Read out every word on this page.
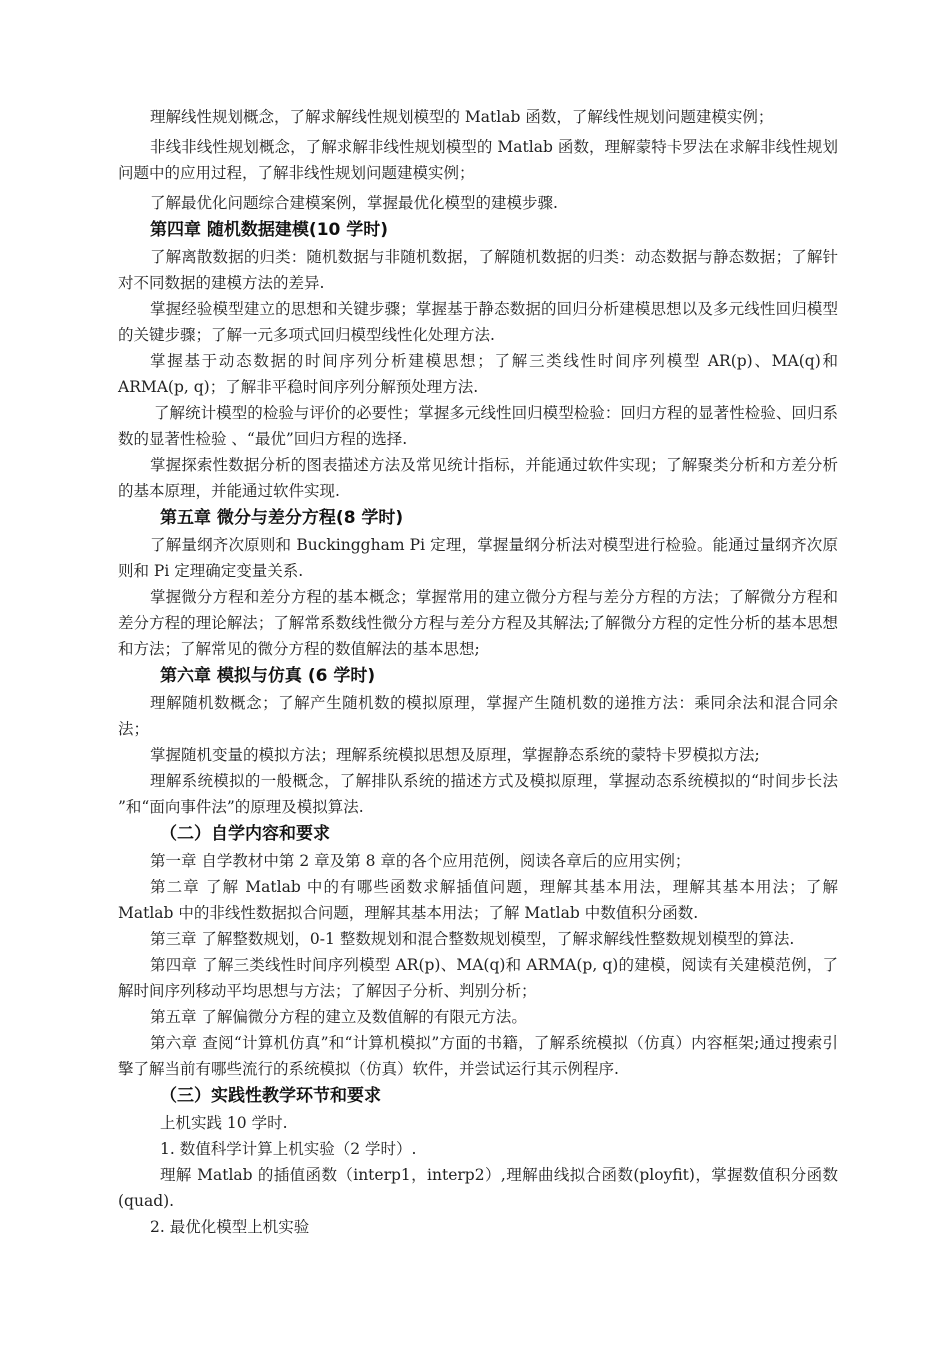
理解线性规划概念，了解求解线性规划模型的 Matlab 函数，了解线性规划问题建模实例；

非线非线性规划概念，了解求解非线性规划模型的 Matlab 函数，理解蒙特卡罗法在求解非线性规划问题中的应用过程，了解非线性规划问题建模实例；

了解最优化问题综合建模案例，掌握最优化模型的建模步骤.

第四章 随机数据建模(10 学时)

了解离散数据的归类：随机数据与非随机数据，了解随机数据的归类：动态数据与静态数据；了解针对不同数据的建模方法的差异.

掌握经验模型建立的思想和关键步骤；掌握基于静态数据的回归分析建模思想以及多元线性回归模型的关键步骤；了解一元多项式回归模型线性化处理方法.

掌握基于动态数据的时间序列分析建模思想；了解三类线性时间序列模型 AR(p)、MA(q)和 ARMA(p, q)；了解非平稳时间序列分解预处理方法.

了解统计模型的检验与评价的必要性；掌握多元线性回归模型检验：回归方程的显著性检验、回归系数的显著性检验 、“最优”回归方程的选择.

掌握探索性数据分析的图表描述方法及常见统计指标，并能通过软件实现；了解聚类分析和方差分析的基本原理，并能通过软件实现.

第五章 微分与差分方程(8 学时)

了解量纲齐次原则和 Buckinggham Pi 定理，掌握量纲分析法对模型进行检验。能通过量纲齐次原则和 Pi 定理确定变量关系.

掌握微分方程和差分方程的基本概念；掌握常用的建立微分方程与差分方程的方法；了解微分方程和差分方程的理论解法；了解常系数线性微分方程与差分方程及其解法;了解微分方程的定性分析的基本思想和方法；了解常见的微分方程的数值解法的基本思想;

第六章 模拟与仿真 (6 学时)

理解随机数概念；了解产生随机数的模拟原理，掌握产生随机数的递推方法：乘同余法和混合同余法；

掌握随机变量的模拟方法；理解系统模拟思想及原理，掌握静态系统的蒙特卡罗模拟方法;

理解系统模拟的一般概念，了解排队系统的描述方式及模拟原理，掌握动态系统模拟的“时间步长法 ”和“面向事件法”的原理及模拟算法.

（二）自学内容和要求

第一章 自学教材中第 2 章及第 8 章的各个应用范例，阅读各章后的应用实例；

第二章 了解 Matlab 中的有哪些函数求解插值问题，理解其基本用法，理解其基本用法；了解 Matlab 中的非线性数据拟合问题，理解其基本用法；了解 Matlab 中数值积分函数.

第三章 了解整数规划，0-1 整数规划和混合整数规划模型，了解求解线性整数规划模型的算法.

第四章 了解三类线性时间序列模型 AR(p)、MA(q)和 ARMA(p, q)的建模，阅读有关建模范例，了解时间序列移动平均思想与方法；了解因子分析、判别分析；

第五章 了解偏微分方程的建立及数值解的有限元方法。

第六章 查阅“计算机仿真”和“计算机模拟”方面的书籍，了解系统模拟（仿真）内容框架;通过搜索引擎了解当前有哪些流行的系统模拟（仿真）软件，并尝试运行其示例程序.

（三）实践性教学环节和要求

上机实践 10 学时.

1. 数值科学计算上机实验（2 学时）.

理解 Matlab 的插值函数（interp1，interp2）,理解曲线拟合函数(ployfit)，掌握数值积分函数(quad).

2. 最优化模型上机实验
